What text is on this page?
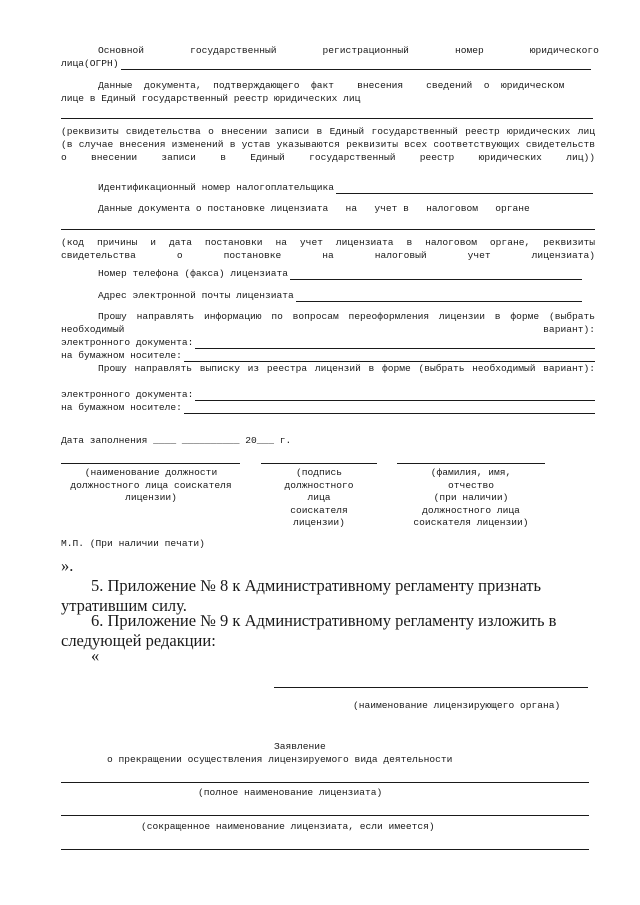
Основной        государственный        регистрационный        номер        юридического
лица(ОГРН)
Данные  документа,  подтверждающего  факт    внесения    сведений  о  юридическом
лице в Единый государственный реестр юридических лиц
(реквизиты свидетельства о внесении записи в Единый государственный реестр юридических лиц (в случае внесения изменений в устав указываются реквизиты всех соответствующих свидетельств о внесении записи в Единый государственный реестр юридических лиц))
Идентификационный номер налогоплательщика
Данные документа о постановке лицензиата   на   учет в   налоговом   органе
(код причины и дата постановки на учет лицензиата в налоговом органе, реквизиты свидетельства о постановке на налоговый учет лицензиата)
Номер телефона (факса) лицензиата
Адрес электронной почты лицензиата
Прошу направлять информацию по вопросам переоформления лицензии в форме (выбрать необходимый вариант):
электронного документа:
на бумажном носителе:
Прошу направлять выписку из реестра лицензий в форме (выбрать необходимый вариант):
электронного документа:
на бумажном носителе:
Дата заполнения ____ __________ 20___ г.
(наименование должности
должностного лица соискателя
лицензии)
(подпись
должностного
лица
соискателя
лицензии)
(фамилия, имя,
отчество
(при наличии)
должностного лица
соискателя лицензии)
М.П. (При наличии печати)
».
5. Приложение № 8 к Административному регламенту признать утратившим силу.
6. Приложение № 9 к Административному регламенту изложить в следующей редакции:
«
(наименование лицензирующего органа)
Заявление
о прекращении осуществления лицензируемого вида деятельности
(полное наименование лицензиата)
(сокращенное наименование лицензиата, если имеется)
